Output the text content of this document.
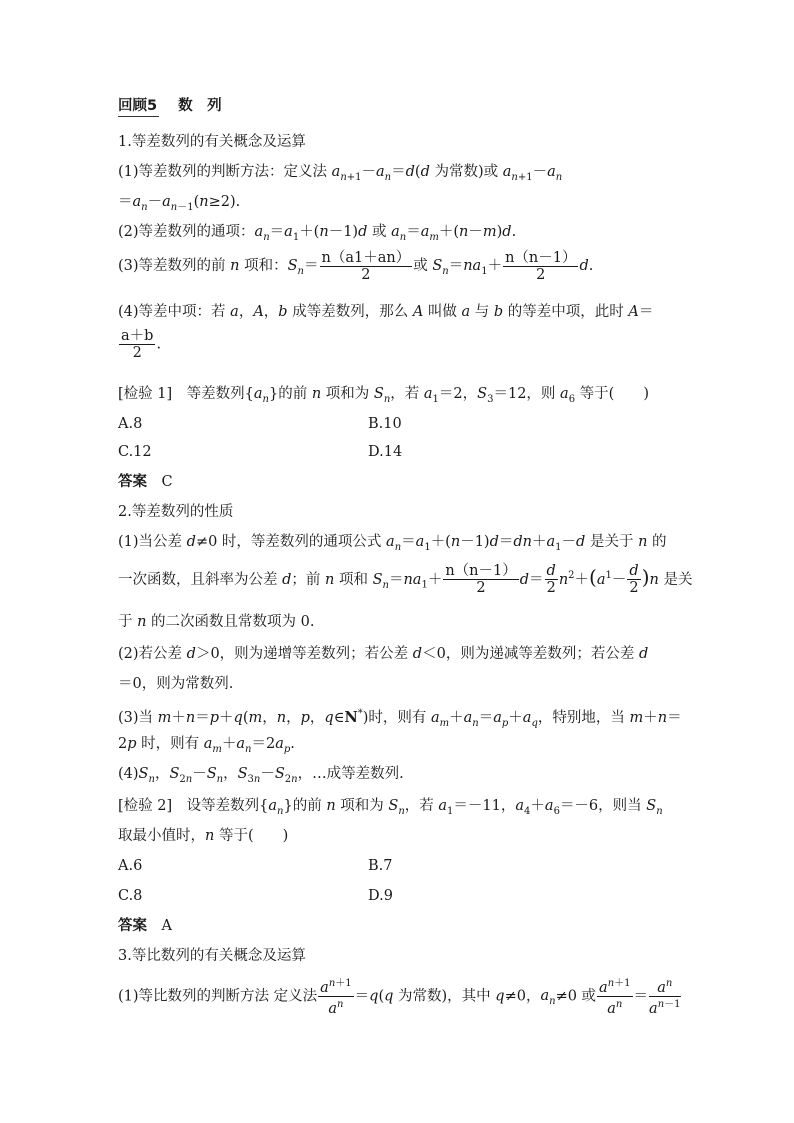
回顾5 数　列
1.等差数列的有关概念及运算
(1)等差数列的判断方法：定义法 $a_{n+1}-a_n=d(d$ 为常数)或 $a_{n+1}-a_n$
$=a_n-a_{n-1}(n\ge 2)$.
(2)等差数列的通项：$a_n=a_1+(n-1)d$ 或 $a_n=a_m+(n-m)d$.
(3)等差数列的前 n 项和：$S_n= \frac{n(a1+an)}{2}$ 或 $S_n=na_1+ \frac{n(n-1)}{2} d$.
(4)等差中项：若 a，A，b 成等差数列，那么 A 叫做 a 与 b 的等差中项，此时 A＝
$\frac{a+b}{2}$ .
[检验 1]　等差数列$\{a_n\}$的前 n 项和为 $S_n$，若 $a_1=2$，$S_3=12$，则 $a_6$ 等于(　　)
A.8	B.10
C.12	D.14
答案　 C
2.等差数列的性质
(1)当公差 d≠0 时，等差数列的通项公式 $a_n=a_1+(n-1)d=dn+a_1-d$ 是关于 n 的
一次函数，且斜率为公差 d；前 n 项和 $S_n=na_1+ \frac{n(n-1)}{2} d= \frac{d}{2} n^2+(a^1- \frac{d}{2} )n$ 是关
于 n 的二次函数且常数项为 0.
(2)若公差 d＞0，则为递增等差数列；若公差 d＜0，则为递减等差数列；若公差 d
＝0，则为常数列.
(3)当 m＋n＝p＋q(m，n，p，q∈N*)时，则有 $a_m+a_n=a_p+a_q$，特别地，当 m＋n＝
2p 时，则有 $a_m+a_n=2a_p$.
$(4)S_n$，$S_{2n}-S_n$，$S_{3n}-S_{2n}$，…成等差数列.
[检验 2]　设等差数列$\{a_n\}$的前 n 项和为 $S_n$，若 $a_1=-11$，$a_4+a_6=-6$，则当 $S_n$
取最小值时，n 等于(　　)
A.6	B.7
C.8	D.9
答案　 A
3.等比数列的有关概念及运算
(1)等比数列的判断方法 定义法 $\frac{a^{n+1}}{a^n} =q(q$ 为常数)，其中 q≠0，$a_n\ne 0$ 或 $\frac{a^{n+1}}{a^n} = \frac{a^n}{a^{n-1}}$
